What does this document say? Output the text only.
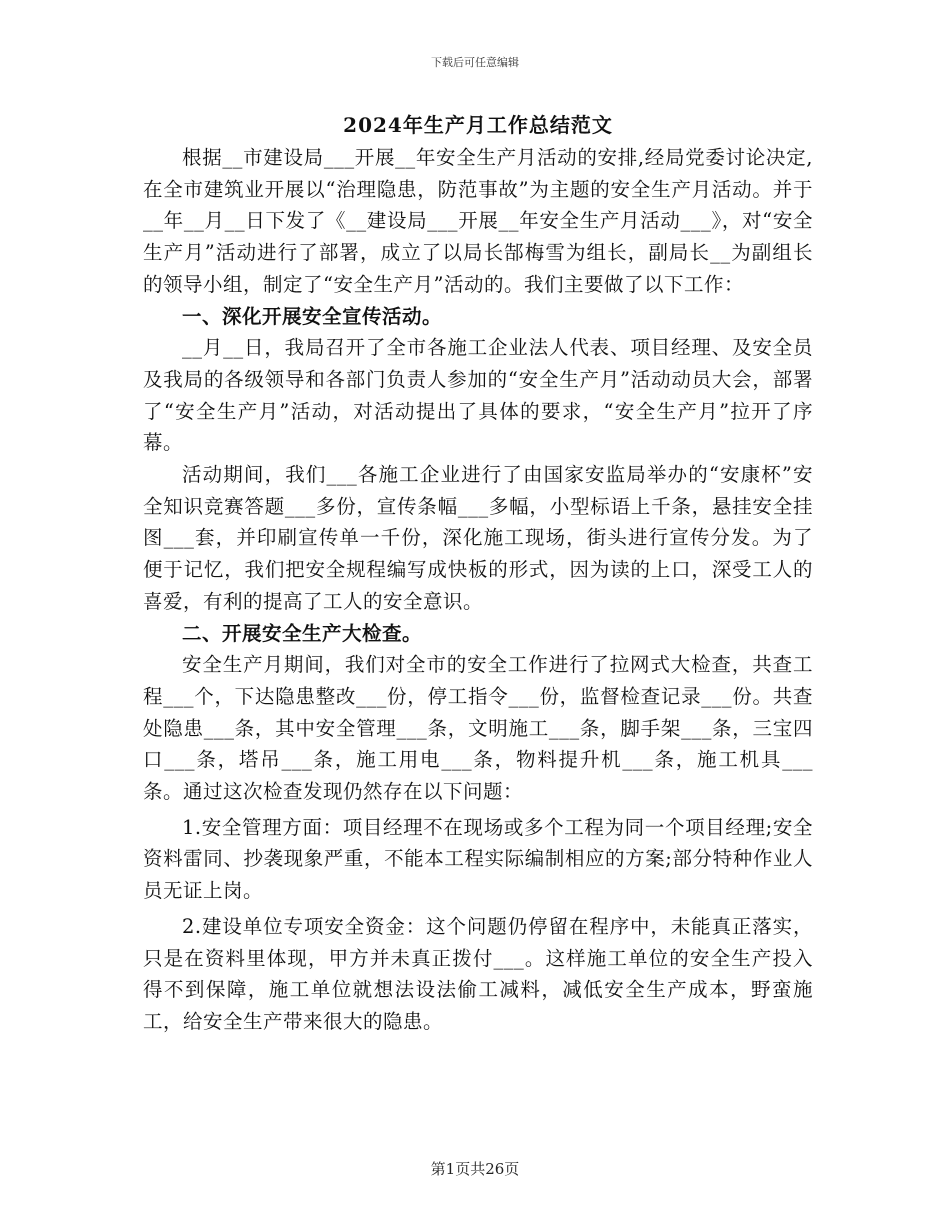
下载后可任意编辑
2024年生产月工作总结范文

根据__市建设局___开展__年安全生产月活动的安排,经局党委讨论决定,在全市建筑业开展以“治理隐患，防范事故”为主题的安全生产月活动。并于__年__月__日下发了《__建设局___开展__年安全生产月活动___》，对“安全生产月”活动进行了部署，成立了以局长郜梅雪为组长，副局长__为副组长的领导小组，制定了“安全生产月”活动的。我们主要做了以下工作：

一、深化开展安全宣传活动。

__月__日，我局召开了全市各施工企业法人代表、项目经理、及安全员及我局的各级领导和各部门负责人参加的“安全生产月”活动动员大会，部署了“安全生产月”活动，对活动提出了具体的要求，“安全生产月”拉开了序幕。

活动期间，我们___各施工企业进行了由国家安监局举办的“安康杯”安全知识竞赛答题___多份，宣传条幅___多幅，小型标语上千条，悬挂安全挂图___套，并印刷宣传单一千份，深化施工现场，街头进行宣传分发。为了便于记忆，我们把安全规程编写成快板的形式，因为读的上口，深受工人的喜爱，有利的提高了工人的安全意识。

二、开展安全生产大检查。

安全生产月期间，我们对全市的安全工作进行了拉网式大检查，共查工程___个，下达隐患整改___份，停工指令___份，监督检查记录___份。共查处隐患___条，其中安全管理___条，文明施工___条，脚手架___条，三宝四口___条，塔吊___条，施工用电___条，物料提升机___条，施工机具___条。通过这次检查发现仍然存在以下问题：

1.安全管理方面：项目经理不在现场或多个工程为同一个项目经理;安全资料雷同、抄袭现象严重，不能本工程实际编制相应的方案;部分特种作业人员无证上岗。

2.建设单位专项安全资金：这个问题仍停留在程序中，未能真正落实，只是在资料里体现，甲方并未真正拨付___。这样施工单位的安全生产投入得不到保障，施工单位就想法设法偷工减料，减低安全生产成本，野蛮施工，给安全生产带来很大的隐患。

第1页共26页
